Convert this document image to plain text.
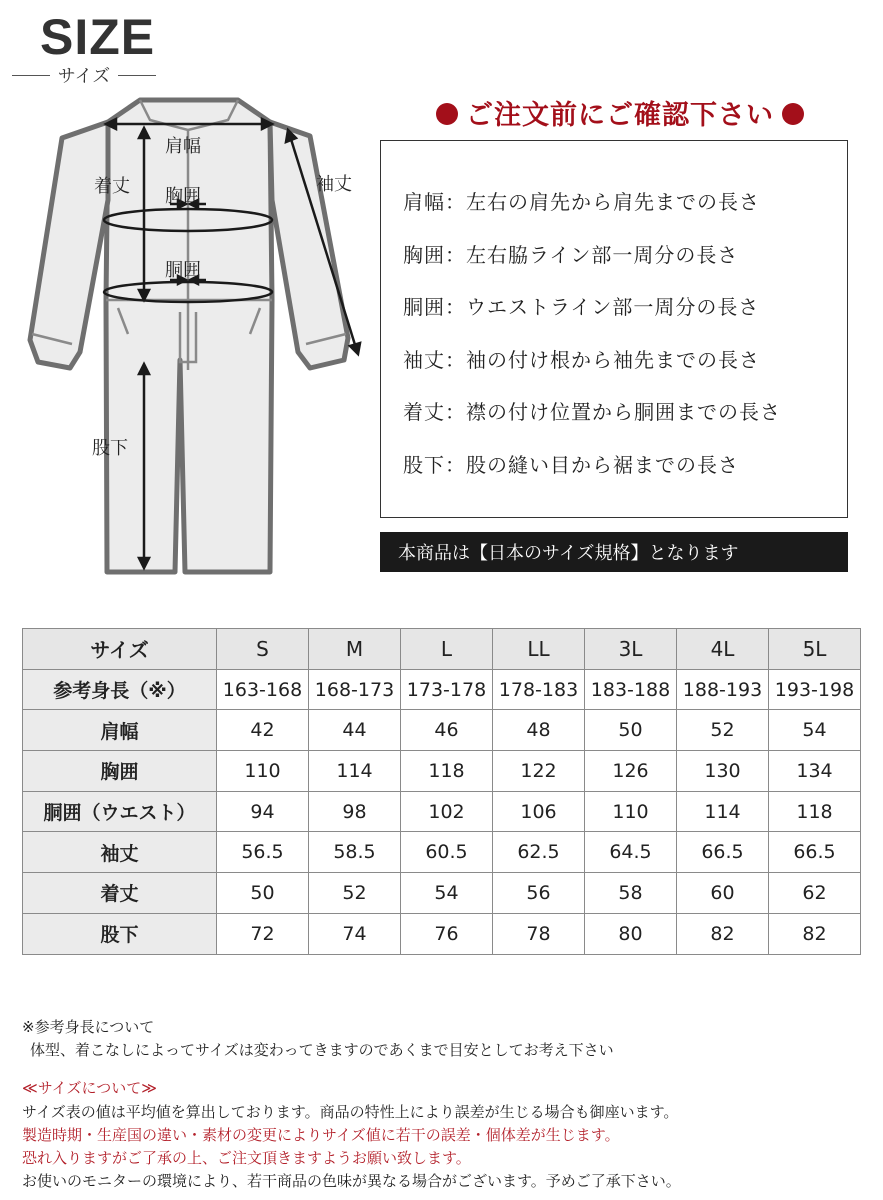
SIZE
サイズ
肩幅
胸囲
胴囲
着丈	袖丈
股下
ご注文前にご確認下さい
肩幅：左右の肩先から肩先までの長さ
胸囲：左右脇ライン部一周分の長さ
胴囲：ウエストライン部一周分の長さ
袖丈：袖の付け根から袖先までの長さ
着丈：襟の付け位置から胴囲までの長さ
股下：股の縫い目から裾までの長さ
本商品は【日本のサイズ規格】となります
サイズ	S	M	L	LL	3L	4L	5L
参考身長（※）	163-168	168-173	173-178	178-183	183-188	188-193	193-198
肩幅	42	44	46	48	50	52	54
胸囲	110	114	118	122	126	130	134
胴囲（ウエスト）	94	98	102	106	110	114	118
袖丈	56.5	58.5	60.5	62.5	64.5	66.5	66.5
着丈	50	52	54	56	58	60	62
股下	72	74	76	78	80	82	82
※参考身長について
体型、着こなしによってサイズは変わってきますのであくまで目安としてお考え下さい
≪サイズについて≫
サイズ表の値は平均値を算出しております。商品の特性上により誤差が生じる場合も御座います。
製造時期・生産国の違い・素材の変更によりサイズ値に若干の誤差・個体差が生じます。
恐れ入りますがご了承の上、ご注文頂きますようお願い致します。
お使いのモニターの環境により、若干商品の色味が異なる場合がございます。予めご了承下さい。
